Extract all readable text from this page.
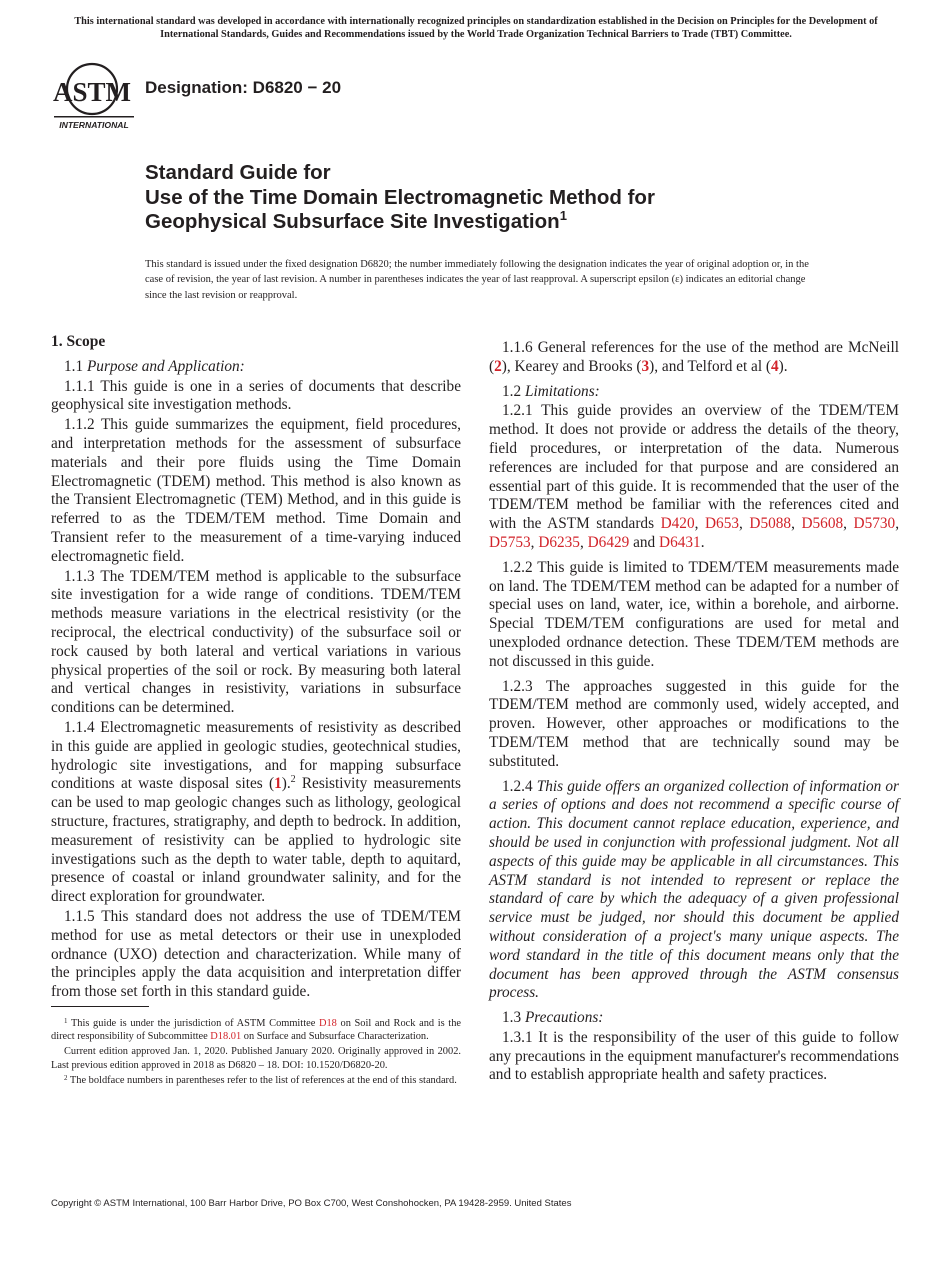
This international standard was developed in accordance with internationally recognized principles on standardization established in the Decision on Principles for the Development of International Standards, Guides and Recommendations issued by the World Trade Organization Technical Barriers to Trade (TBT) Committee.
ASTM
INTERNATIONAL
Designation: D6820 − 20
Standard Guide for
Use of the Time Domain Electromagnetic Method for
Geophysical Subsurface Site Investigation$^1$
This standard is issued under the fixed designation D6820; the number immediately following the designation indicates the year of original adoption or, in the case of revision, the year of last revision. A number in parentheses indicates the year of last reapproval. A superscript epsilon (ε) indicates an editorial change since the last revision or reapproval.
1. Scope
1.1 Purpose and Application:

1.1.1 This guide is one in a series of documents that describe geophysical site investigation methods.

1.1.2 This guide summarizes the equipment, field procedures, and interpretation methods for the assessment of subsurface materials and their pore fluids using the Time Domain Electromagnetic (TDEM) method. This method is also known as the Transient Electromagnetic (TEM) Method, and in this guide is referred to as the TDEM/TEM method. Time Domain and Transient refer to the measurement of a time-varying induced electromagnetic field.

1.1.3 The TDEM/TEM method is applicable to the subsurface site investigation for a wide range of conditions. TDEM/TEM methods measure variations in the electrical resistivity (or the reciprocal, the electrical conductivity) of the subsurface soil or rock caused by both lateral and vertical variations in various physical properties of the soil or rock. By measuring both lateral and vertical changes in resistivity, variations in subsurface conditions can be determined.

1.1.4 Electromagnetic measurements of resistivity as described in this guide are applied in geologic studies, geotechnical studies, hydrologic site investigations, and for mapping subsurface conditions at waste disposal sites (1).$^2$ Resistivity measurements can be used to map geologic changes such as lithology, geological structure, fractures, stratigraphy, and depth to bedrock. In addition, measurement of resistivity can be applied to hydrologic site investigations such as the depth to water table, depth to aquitard, presence of coastal or inland groundwater salinity, and for the direct exploration for groundwater.

1.1.5 This standard does not address the use of TDEM/TEM method for use as metal detectors or their use in unexploded ordnance (UXO) detection and characterization. While many of the principles apply the data acquisition and interpretation differ from those set forth in this standard guide.

$^1$ This guide is under the jurisdiction of ASTM Committee D18 on Soil and Rock and is the direct responsibility of Subcommittee D18.01 on Surface and Subsurface Characterization.

Current edition approved Jan. 1, 2020. Published January 2020. Originally approved in 2002. Last previous edition approved in 2018 as D6820 – 18. DOI: 10.1520/D6820-20.

$^2$ The boldface numbers in parentheses refer to the list of references at the end of this standard.

1.1.6 General references for the use of the method are McNeill (2), Kearey and Brooks (3), and Telford et al (4).

1.2 Limitations:

1.2.1 This guide provides an overview of the TDEM/TEM method. It does not provide or address the details of the theory, field procedures, or interpretation of the data. Numerous references are included for that purpose and are considered an essential part of this guide. It is recommended that the user of the TDEM/TEM method be familiar with the references cited and with the ASTM standards D420, D653, D5088, D5608, D5730, D5753, D6235, D6429 and D6431.

1.2.2 This guide is limited to TDEM/TEM measurements made on land. The TDEM/TEM method can be adapted for a number of special uses on land, water, ice, within a borehole, and airborne. Special TDEM/TEM configurations are used for metal and unexploded ordnance detection. These TDEM/TEM methods are not discussed in this guide.

1.2.3 The approaches suggested in this guide for the TDEM/TEM method are commonly used, widely accepted, and proven. However, other approaches or modifications to the TDEM/TEM method that are technically sound may be substituted.

1.2.4 This guide offers an organized collection of information or a series of options and does not recommend a specific course of action. This document cannot replace education, experience, and should be used in conjunction with professional judgment. Not all aspects of this guide may be applicable in all circumstances. This ASTM standard is not intended to represent or replace the standard of care by which the adequacy of a given professional service must be judged, nor should this document be applied without consideration of a project's many unique aspects. The word standard in the title of this document means only that the document has been approved through the ASTM consensus process.

1.3 Precautions:

1.3.1 It is the responsibility of the user of this guide to follow any precautions in the equipment manufacturer's recommendations and to establish appropriate health and safety practices.

Copyright © ASTM International, 100 Barr Harbor Drive, PO Box C700, West Conshohocken, PA 19428-2959. United States
